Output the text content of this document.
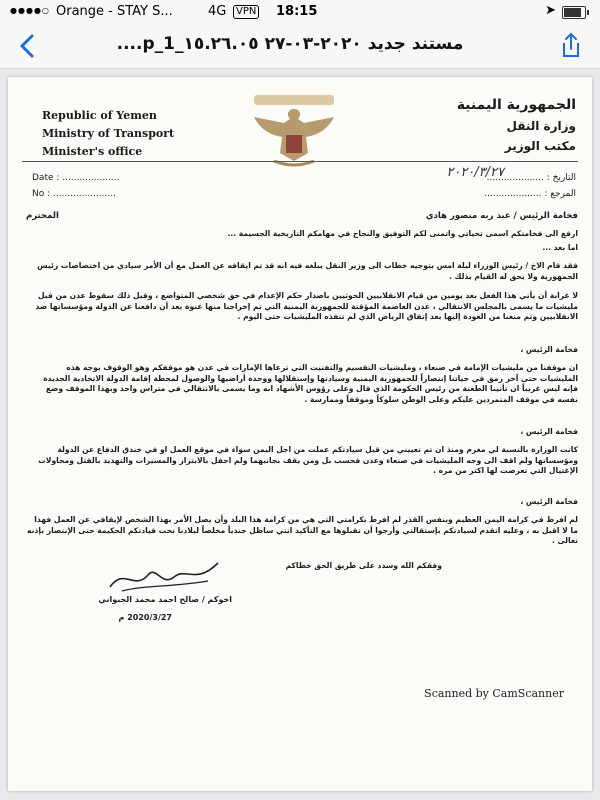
●●●●○ Orange - STAY S...	4G VPN 18:15	➤
مستند جديد ٢٠٢٠-٠٣-٢٧ ١٥.٢٦.٠٥_1_p....
Republic of Yemen
Ministry of Transport
Minister's office
الجمهورية اليمنية
وزارة النقل
مكتب الوزير
Date : ....................
No : ......................
التاريخ : ....................
المرجع : ....................
٢٠٢٠/٣/٢٧
فخامة الرئيس / عبد ربه منصور هادي
المحترم
ارفع الى فخامتكم اسمى تحياتي واتمنى لكم التوفيق والنجاح في مهامكم التاريخية الجسيمة ...
اما بعد ...
فقد قام الاخ / رئيس الوزراء ليلة امس بتوجيه خطاب الى وزير النقل يبلغه فيه انه قد تم ايقافه عن العمل مع أن الأمر سيادي من اختصاصات رئيس الجمهورية ولا يحق له القيام بذلك .
لا غرابة أن يأتي هذا الفعل بعد يومين من قيام الانقلابيين الحوثيين باصدار حكم الإعدام في حق شخصي المتواضع ، وقبل ذلك سقوط عدن من قبل مليشيات ما يسمى بالمجلس الانتقالي ، عدن العاصمة المؤقتة للجمهورية اليمنية التي تم إخراجنا منها عنوة بعد أن دافعنا عن الدولة ومؤسساتها ضد الانقلابيين وتم منعنا من العودة إليها بعد إتفاق الرياض الذي لم تنفذه المليشيات حتى اليوم .
فخامة الرئيس ،
ان موقفنا من مليشيات الإمامة في صنعاء ، ومليشيات التقسيم والتفتيت التي ترعاها الإمارات في عدن هو موقفكم وهو الوقوف بوجه هذه المليشيات حتى آخر رمق في حياتنا إنتصاراً للجمهورية اليمنية وسيادتها وإستقلالها ووحدة أراضيها والوصول لمحطة إقامة الدولة الاتحادية الجديدة فإنه ليس غريباً ان تأتينا الطعنة من رئيس الحكومة الذي قال وعلى رؤوس الأشهاد انه وما يسمى بالانتقالي في متراس واحد وبهذا الموقف وضع نفسه في موقف المتمردين عليكم وعلى الوطن سلوكاً وموقفاً وممارسة .
فخامة الرئيس ،
كانت الوزارة بالنسبة لي مغرم ومنذ ان تم تعييني من قبل سيادتكم عملت من اجل اليمن سواء في موقع العمل او في خندق الدفاع عن الدولة ومؤسساتها ولم اقف الى وجه المليشيات في صنعاء وعدن فحسب بل ومن يقف بجانبهما ولم احفل بالابتزاز والمسيرات والتهديد بالقتل ومحاولات الإغتيال التي تعرضت لها اكثر من مره .
فخامة الرئيس ،
لم افرط في كرامة اليمن العظيم وبنفس القدر لم افرط بكرامتي التي هي من كرامة هذا البلد وأن يصل الأمر بهذا الشخص لإيقافي عن العمل فهذا ما لا اقبل به ، وعليه اتقدم لسيادتكم بإستقالتي وأرجوا أن تقبلوها مع التأكيد انني ساظل جندياً مخلصاً لبلادنا تحت قيادتكم الحكيمة حتى الإنتصار بإذنه تعالى .
وفقكم الله وسدد على طريق الحق خطاكم
اخوكم / صالح احمد محمد الجبواني
2020/3/27 م
Scanned by CamScanner
